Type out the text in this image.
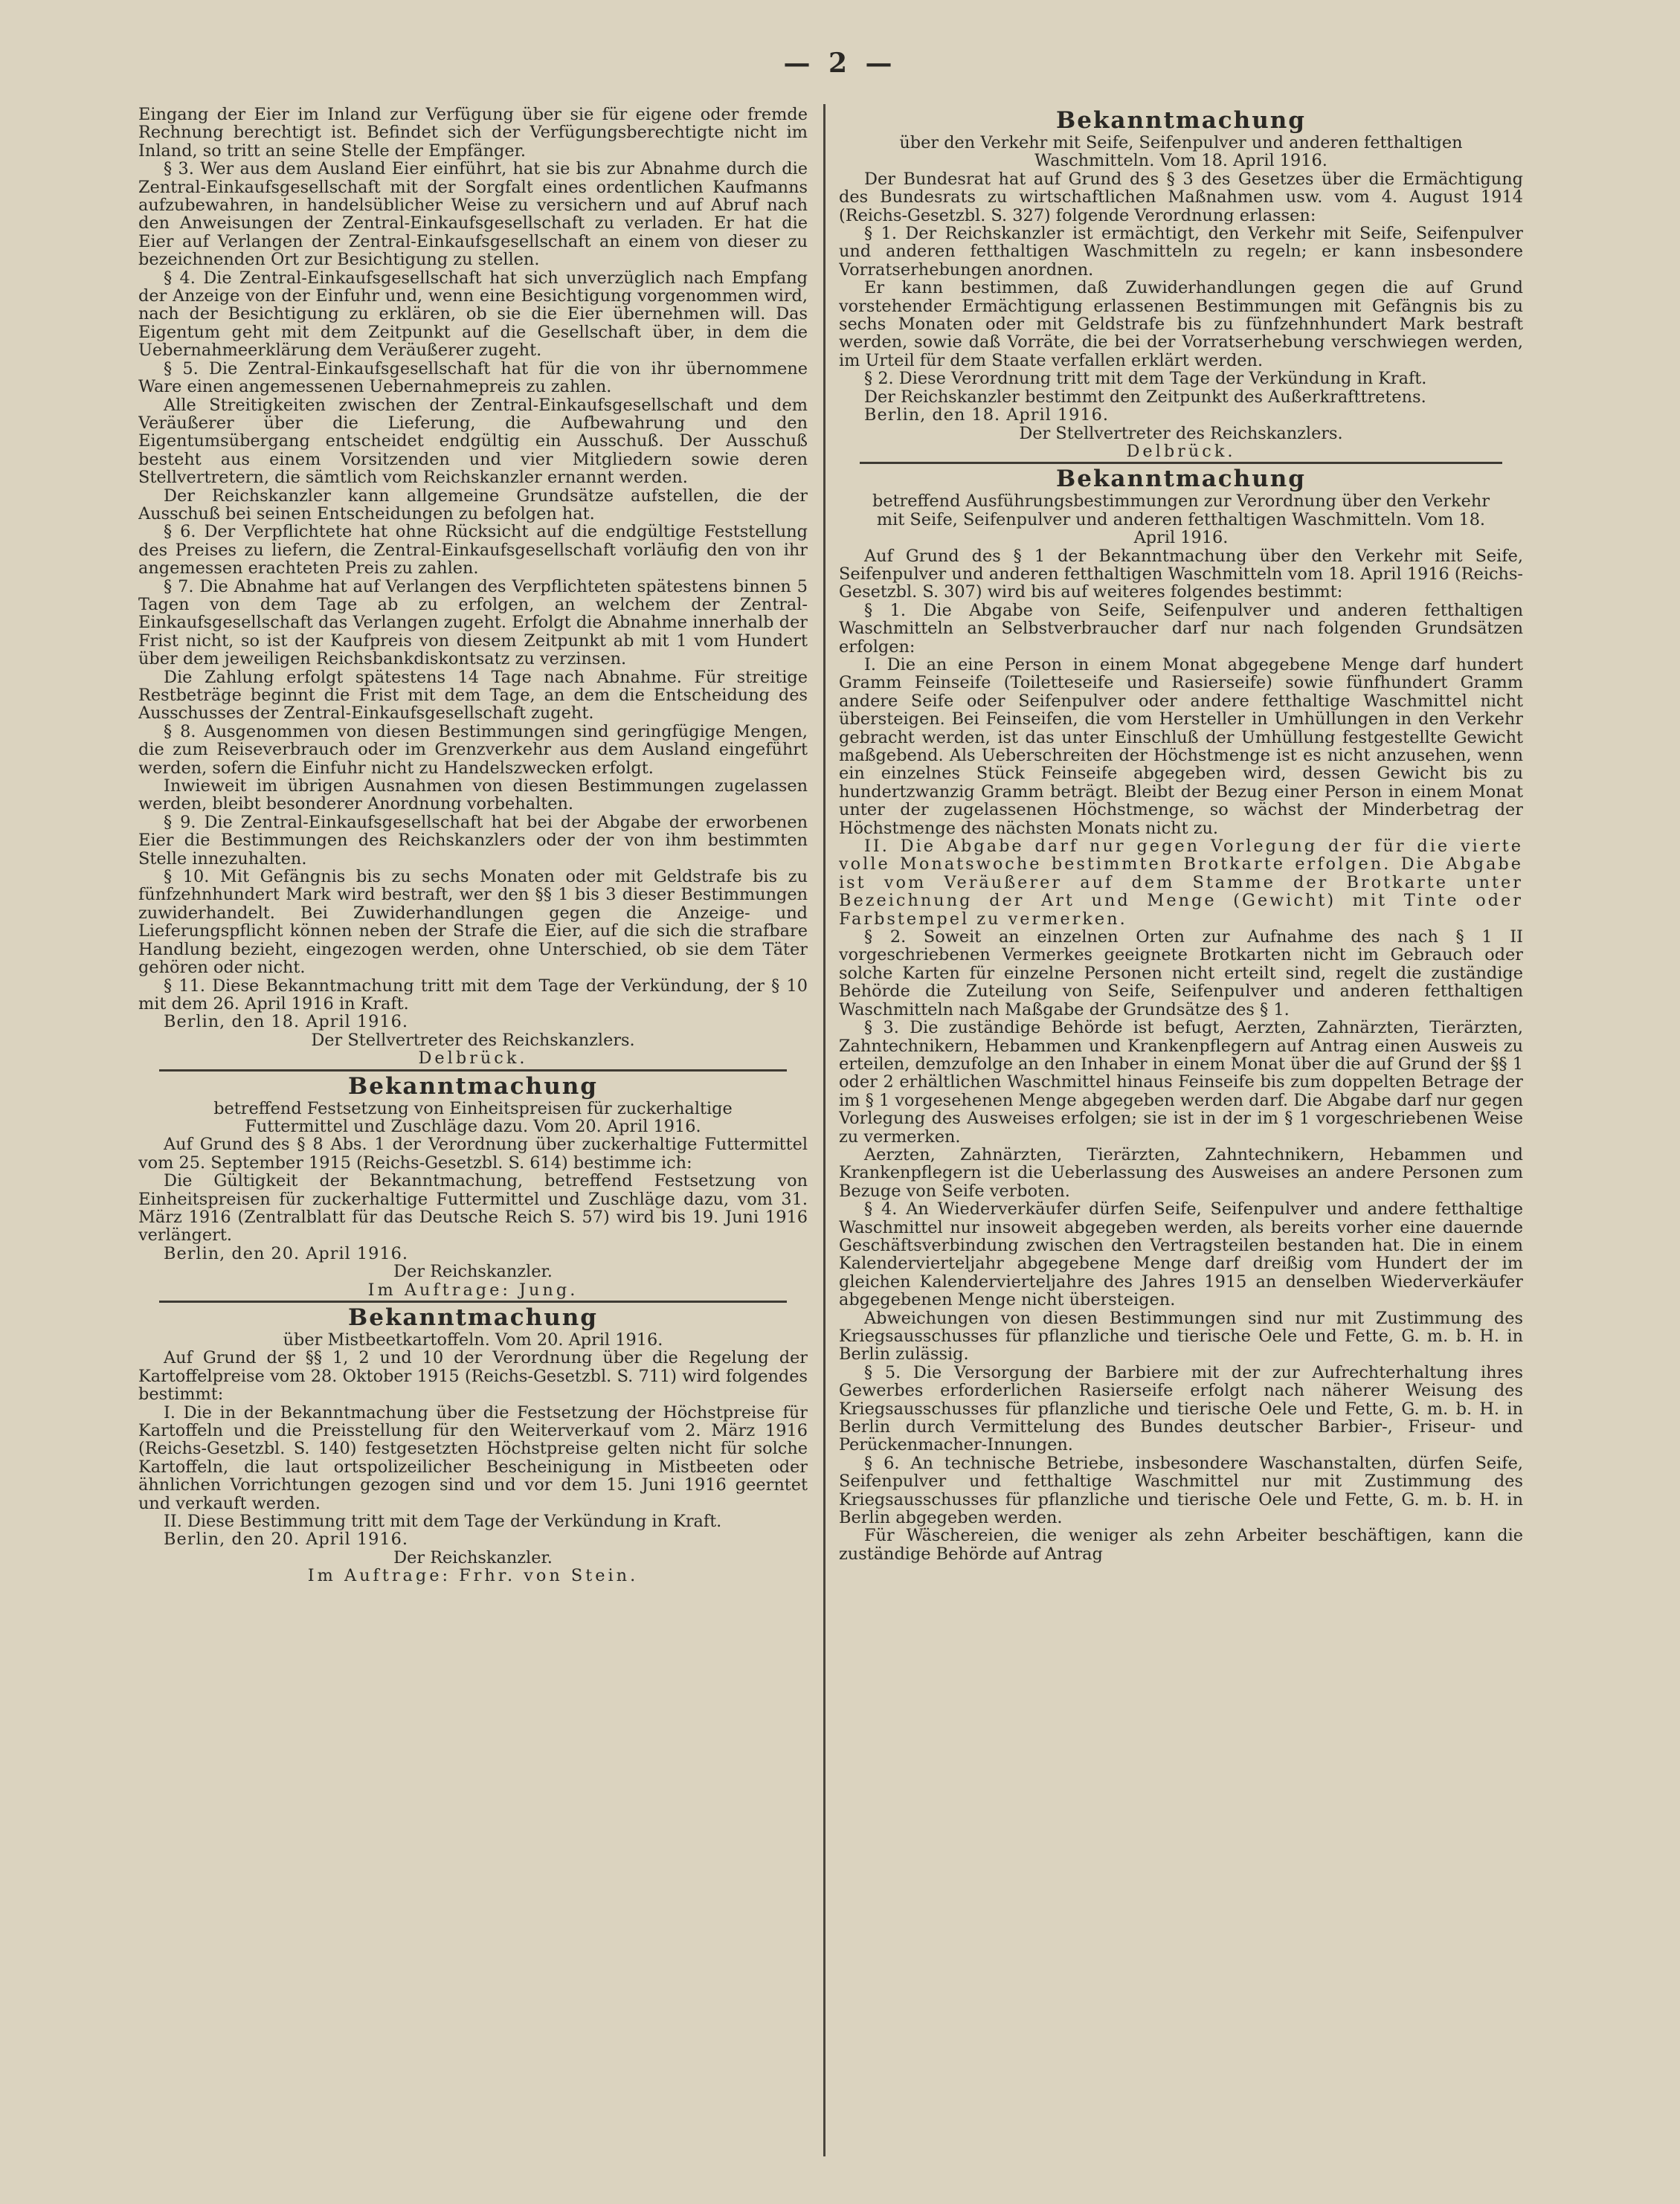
— 2 —

Eingang der Eier im Inland zur Verfügung über sie für eigene oder fremde Rechnung berechtigt ist. Befindet sich der Verfügungsberechtigte nicht im Inland, so tritt an seine Stelle der Empfänger.

§ 3. Wer aus dem Ausland Eier einführt, hat sie bis zur Abnahme durch die Zentral-Einkaufsgesellschaft mit der Sorgfalt eines ordentlichen Kaufmanns aufzubewahren, in handelsüblicher Weise zu versichern und auf Abruf nach den Anweisungen der Zentral-Einkaufsgesellschaft zu verladen. Er hat die Eier auf Verlangen der Zentral-Einkaufsgesellschaft an einem von dieser zu bezeichnenden Ort zur Besichtigung zu stellen.

§ 4. Die Zentral-Einkaufsgesellschaft hat sich unverzüglich nach Empfang der Anzeige von der Einfuhr und, wenn eine Besichtigung vorgenommen wird, nach der Besichtigung zu erklären, ob sie die Eier übernehmen will. Das Eigentum geht mit dem Zeitpunkt auf die Gesellschaft über, in dem die Uebernahmeerklärung dem Veräußerer zugeht.

§ 5. Die Zentral-Einkaufsgesellschaft hat für die von ihr übernommene Ware einen angemessenen Uebernahmepreis zu zahlen.

Alle Streitigkeiten zwischen der Zentral-Einkaufsgesellschaft und dem Veräußerer über die Lieferung, die Aufbewahrung und den Eigentumsübergang entscheidet endgültig ein Ausschuß. Der Ausschuß besteht aus einem Vorsitzenden und vier Mitgliedern sowie deren Stellvertretern, die sämtlich vom Reichskanzler ernannt werden.

Der Reichskanzler kann allgemeine Grundsätze aufstellen, die der Ausschuß bei seinen Entscheidungen zu befolgen hat.

§ 6. Der Verpflichtete hat ohne Rücksicht auf die endgültige Feststellung des Preises zu liefern, die Zentral-Einkaufsgesellschaft vorläufig den von ihr angemessen erachteten Preis zu zahlen.

§ 7. Die Abnahme hat auf Verlangen des Verpflichteten spätestens binnen 5 Tagen von dem Tage ab zu erfolgen, an welchem der Zentral-Einkaufsgesellschaft das Verlangen zugeht. Erfolgt die Abnahme innerhalb der Frist nicht, so ist der Kaufpreis von diesem Zeitpunkt ab mit 1 vom Hundert über dem jeweiligen Reichsbankdiskontsatz zu verzinsen.

Die Zahlung erfolgt spätestens 14 Tage nach Abnahme. Für streitige Restbeträge beginnt die Frist mit dem Tage, an dem die Entscheidung des Ausschusses der Zentral-Einkaufsgesellschaft zugeht.

§ 8. Ausgenommen von diesen Bestimmungen sind geringfügige Mengen, die zum Reiseverbrauch oder im Grenzverkehr aus dem Ausland eingeführt werden, sofern die Einfuhr nicht zu Handelszwecken erfolgt.

Inwieweit im übrigen Ausnahmen von diesen Bestimmungen zugelassen werden, bleibt besonderer Anordnung vorbehalten.

§ 9. Die Zentral-Einkaufsgesellschaft hat bei der Abgabe der erworbenen Eier die Bestimmungen des Reichskanzlers oder der von ihm bestimmten Stelle innezuhalten.

§ 10. Mit Gefängnis bis zu sechs Monaten oder mit Geldstrafe bis zu fünfzehnhundert Mark wird bestraft, wer den §§ 1 bis 3 dieser Bestimmungen zuwiderhandelt. Bei Zuwiderhandlungen gegen die Anzeige- und Lieferungspflicht können neben der Strafe die Eier, auf die sich die strafbare Handlung bezieht, eingezogen werden, ohne Unterschied, ob sie dem Täter gehören oder nicht.

§ 11. Diese Bekanntmachung tritt mit dem Tage der Verkündung, der § 10 mit dem 26. April 1916 in Kraft.

Berlin, den 18. April 1916.
Der Stellvertreter des Reichskanzlers.
Delbrück.
Bekanntmachung
betreffend Festsetzung von Einheitspreisen für zuckerhaltige Futtermittel und Zuschläge dazu. Vom 20. April 1916.

Auf Grund des § 8 Abs. 1 der Verordnung über zuckerhaltige Futtermittel vom 25. September 1915 (Reichs-Gesetzbl. S. 614) bestimme ich:

Die Gültigkeit der Bekanntmachung, betreffend Festsetzung von Einheitspreisen für zuckerhaltige Futtermittel und Zuschläge dazu, vom 31. März 1916 (Zentralblatt für das Deutsche Reich S. 57) wird bis 19. Juni 1916 verlängert.

Berlin, den 20. April 1916.
Der Reichskanzler.
Im Auftrage: Jung.
Bekanntmachung
über Mistbeetkartoffeln. Vom 20. April 1916.

Auf Grund der §§ 1, 2 und 10 der Verordnung über die Regelung der Kartoffelpreise vom 28. Oktober 1915 (Reichs-Gesetzbl. S. 711) wird folgendes bestimmt:

I. Die in der Bekanntmachung über die Festsetzung der Höchstpreise für Kartoffeln und die Preisstellung für den Weiterverkauf vom 2. März 1916 (Reichs-Gesetzbl. S. 140) festgesetzten Höchstpreise gelten nicht für solche Kartoffeln, die laut ortspolizeilicher Bescheinigung in Mistbeeten oder ähnlichen Vorrichtungen gezogen sind und vor dem 15. Juni 1916 geerntet und verkauft werden.

II. Diese Bestimmung tritt mit dem Tage der Verkündung in Kraft.

Berlin, den 20. April 1916.
Der Reichskanzler.
Im Auftrage: Frhr. von Stein.
Bekanntmachung
über den Verkehr mit Seife, Seifenpulver und anderen fetthaltigen Waschmitteln. Vom 18. April 1916.

Der Bundesrat hat auf Grund des § 3 des Gesetzes über die Ermächtigung des Bundesrats zu wirtschaftlichen Maßnahmen usw. vom 4. August 1914 (Reichs-Gesetzbl. S. 327) folgende Verordnung erlassen:

§ 1. Der Reichskanzler ist ermächtigt, den Verkehr mit Seife, Seifenpulver und anderen fetthaltigen Waschmitteln zu regeln; er kann insbesondere Vorratserhebungen anordnen.

Er kann bestimmen, daß Zuwiderhandlungen gegen die auf Grund vorstehender Ermächtigung erlassenen Bestimmungen mit Gefängnis bis zu sechs Monaten oder mit Geldstrafe bis zu fünfzehnhundert Mark bestraft werden, sowie daß Vorräte, die bei der Vorratserhebung verschwiegen werden, im Urteil für dem Staate verfallen erklärt werden.

§ 2. Diese Verordnung tritt mit dem Tage der Verkündung in Kraft.

Der Reichskanzler bestimmt den Zeitpunkt des Außerkrafttretens.

Berlin, den 18. April 1916.
Der Stellvertreter des Reichskanzlers.
Delbrück.
Bekanntmachung
betreffend Ausführungsbestimmungen zur Verordnung über den Verkehr mit Seife, Seifenpulver und anderen fetthaltigen Waschmitteln. Vom 18. April 1916.

Auf Grund des § 1 der Bekanntmachung über den Verkehr mit Seife, Seifenpulver und anderen fetthaltigen Waschmitteln vom 18. April 1916 (Reichs-Gesetzbl. S. 307) wird bis auf weiteres folgendes bestimmt:

§ 1. Die Abgabe von Seife, Seifenpulver und anderen fetthaltigen Waschmitteln an Selbstverbraucher darf nur nach folgenden Grundsätzen erfolgen:

I. Die an eine Person in einem Monat abgegebene Menge darf hundert Gramm Feinseife (Toiletteseife und Rasierseife) sowie fünfhundert Gramm andere Seife oder Seifenpulver oder andere fetthaltige Waschmittel nicht übersteigen. Bei Feinseifen, die vom Hersteller in Umhüllungen in den Verkehr gebracht werden, ist das unter Einschluß der Umhüllung festgestellte Gewicht maßgebend. Als Ueberschreiten der Höchstmenge ist es nicht anzusehen, wenn ein einzelnes Stück Feinseife abgegeben wird, dessen Gewicht bis zu hundertzwanzig Gramm beträgt. Bleibt der Bezug einer Person in einem Monat unter der zugelassenen Höchstmenge, so wächst der Minderbetrag der Höchstmenge des nächsten Monats nicht zu.

II. Die Abgabe darf nur gegen Vorlegung der für die vierte volle Monatswoche bestimmten Brotkarte erfolgen. Die Abgabe ist vom Veräußerer auf dem Stamme der Brotkarte unter Bezeichnung der Art und Menge (Gewicht) mit Tinte oder Farbstempel zu vermerken.

§ 2. Soweit an einzelnen Orten zur Aufnahme des nach § 1 II vorgeschriebenen Vermerkes geeignete Brotkarten nicht im Gebrauch oder solche Karten für einzelne Personen nicht erteilt sind, regelt die zuständige Behörde die Zuteilung von Seife, Seifenpulver und anderen fetthaltigen Waschmitteln nach Maßgabe der Grundsätze des § 1.

§ 3. Die zuständige Behörde ist befugt, Aerzten, Zahnärzten, Tierärzten, Zahntechnikern, Hebammen und Krankenpflegern auf Antrag einen Ausweis zu erteilen, demzufolge an den Inhaber in einem Monat über die auf Grund der §§ 1 oder 2 erhältlichen Waschmittel hinaus Feinseife bis zum doppelten Betrage der im § 1 vorgesehenen Menge abgegeben werden darf. Die Abgabe darf nur gegen Vorlegung des Ausweises erfolgen; sie ist in der im § 1 vorgeschriebenen Weise zu vermerken.

Aerzten, Zahnärzten, Tierärzten, Zahntechnikern, Hebammen und Krankenpflegern ist die Ueberlassung des Ausweises an andere Personen zum Bezuge von Seife verboten.

§ 4. An Wiederverkäufer dürfen Seife, Seifenpulver und andere fetthaltige Waschmittel nur insoweit abgegeben werden, als bereits vorher eine dauernde Geschäftsverbindung zwischen den Vertragsteilen bestanden hat. Die in einem Kalendervierteljahr abgegebene Menge darf dreißig vom Hundert der im gleichen Kalendervierteljahre des Jahres 1915 an denselben Wiederverkäufer abgegebenen Menge nicht übersteigen.

Abweichungen von diesen Bestimmungen sind nur mit Zustimmung des Kriegsausschusses für pflanzliche und tierische Oele und Fette, G. m. b. H. in Berlin zulässig.

§ 5. Die Versorgung der Barbiere mit der zur Aufrechterhaltung ihres Gewerbes erforderlichen Rasierseife erfolgt nach näherer Weisung des Kriegsausschusses für pflanzliche und tierische Oele und Fette, G. m. b. H. in Berlin durch Vermittelung des Bundes deutscher Barbier-, Friseur- und Perückenmacher-Innungen.

§ 6. An technische Betriebe, insbesondere Waschanstalten, dürfen Seife, Seifenpulver und fetthaltige Waschmittel nur mit Zustimmung des Kriegsausschusses für pflanzliche und tierische Oele und Fette, G. m. b. H. in Berlin abgegeben werden.

Für Wäschereien, die weniger als zehn Arbeiter beschäftigen, kann die zuständige Behörde auf Antrag
